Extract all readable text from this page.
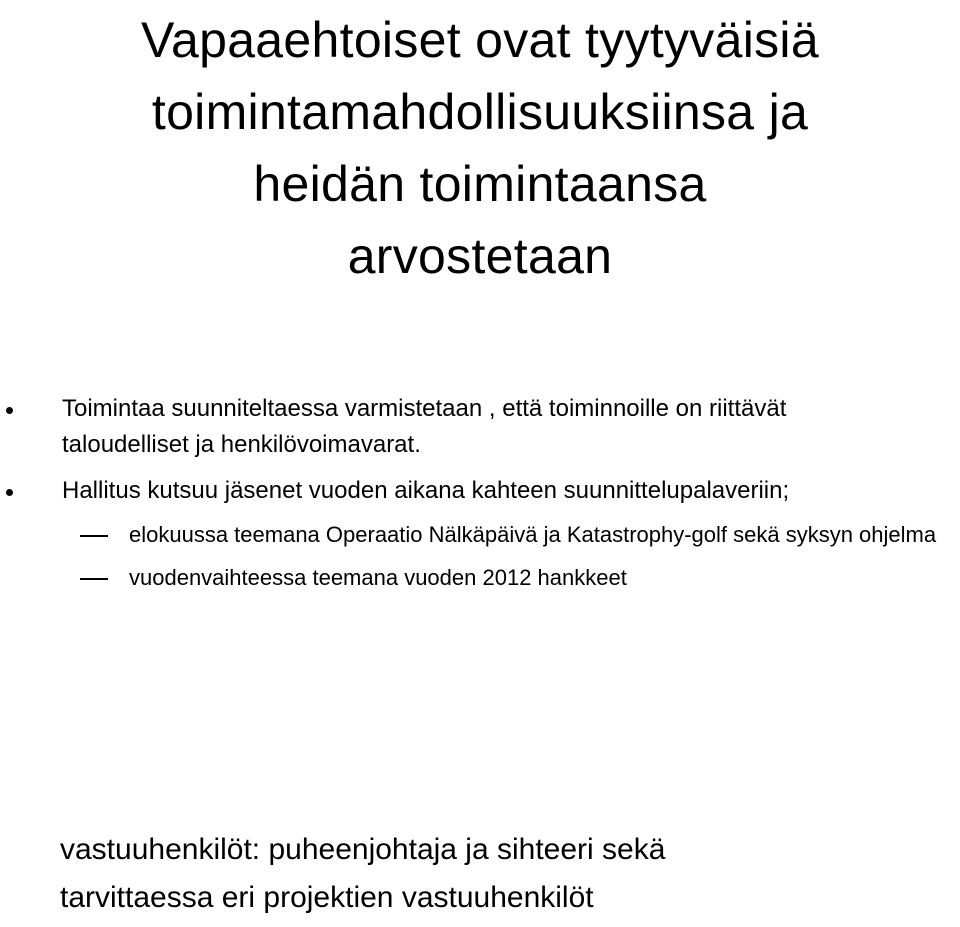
Vapaaehtoiset ovat tyytyväisiä
toimintamahdollisuuksiinsa ja
heidän toimintaansa
arvostetaan
Toimintaa suunniteltaessa varmistetaan , että toiminnoille on riittävät taloudelliset ja henkilövoimavarat.
Hallitus kutsuu jäsenet vuoden aikana kahteen suunnittelupalaveriin;
elokuussa teemana Operaatio Nälkäpäivä ja Katastrophy-golf sekä syksyn ohjelma
vuodenvaihteessa teemana vuoden 2012 hankkeet

vastuuhenkilöt: puheenjohtaja ja sihteeri sekä
tarvittaessa eri projektien vastuuhenkilöt
